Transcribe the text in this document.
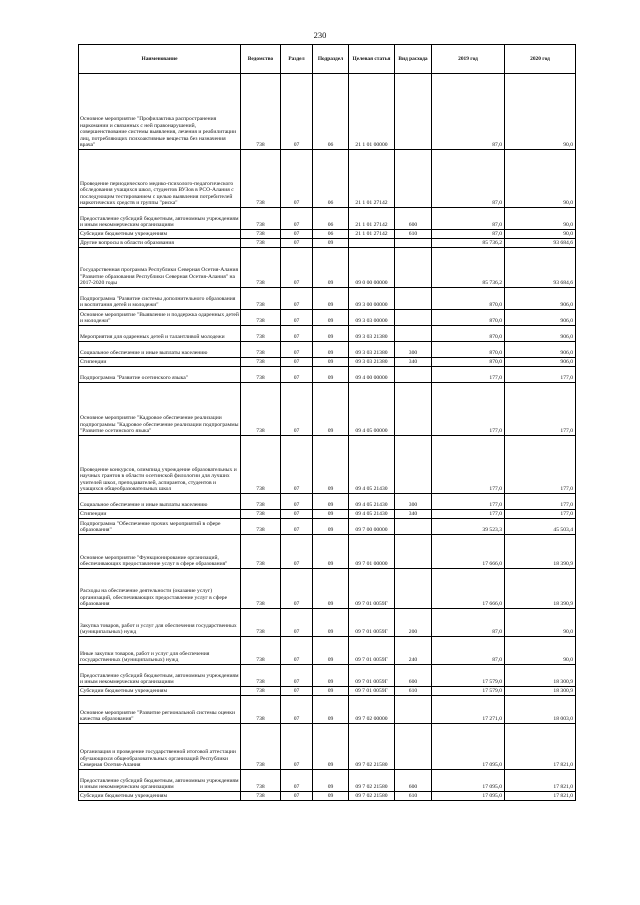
230
Наименование	Ведомство	Раздел	Подраздел	Целевая статья	Вид расхода	2019 год	2020 год
Основное мероприятие "Профилактика распространения наркомании и связанных с ней правонарушений, совершенствование системы выявления, лечения и реабилитации лиц, потребляющих психоактивные вещества без назначения врача"	738	07	06	21 1 01 00000		87,0	90,0
Проведение периодического медико-психолого-педагогического обследования учащихся школ, студентов ВУЗов в РСО-Алания с последующим тестированием с целью выявления потребителей наркотических средств и группы "риска"	738	07	06	21 1 01 27142		87,0	90,0
Предоставление субсидий бюджетным, автономным учреждениям и иным некоммерческим организациям	738	07	06	21 1 01 27142	600	87,0	90,0
Субсидии бюджетным учреждениям	738	07	06	21 1 01 27142	610	87,0	90,0
Другие вопросы в области образования	738	07	09			85 736,2	93 684,6
Государственная программа Республики Северная Осетия-Алания "Развитие образования Республики Северная Осетия-Алания" на 2017-2020 годы	738	07	09	09 0 00 00000		85 736,2	93 684,6
Подпрограмма "Развитие системы дополнительного образования и воспитания детей и молодежи"	738	07	09	09 3 00 00000		870,0	906,0
Основное мероприятие "Выявление и поддержка одаренных детей и молодежи"	738	07	09	09 3 03 00000		870,0	906,0
Мероприятия для одаренных детей и талантливой молодежи	738	07	09	09 3 03 21380		870,0	906,0
Социальное обеспечение и иные выплаты населению	738	07	09	09 3 03 21380	300	870,0	906,0
Стипендии	738	07	09	09 3 03 21380	340	870,0	906,0
Подпрограмма "Развитие осетинского языка"	738	07	09	09 4 00 00000		177,0	177,0
Основное мероприятие "Кадровое обеспечение реализации подпрограммы "Кадровое обеспечение реализации подпрограммы "Развитие осетинского языка"	738	07	09	09 4 05 00000		177,0	177,0
Проведение конкурсов, олимпиад учреждение образовательных и научных грантов в области осетинской филологии для лучших учителей школ, преподавателей, аспирантов, студентов и учащихся общеобразовательных школ	738	07	09	09 4 05 21430		177,0	177,0
Социальное обеспечение и иные выплаты населению	738	07	09	09 4 05 21430	300	177,0	177,0
Стипендии	738	07	09	09 4 05 21430	340	177,0	177,0
Подпрограмма "Обеспечение прочих мероприятий в сфере образования"	738	07	09	09 7 00 00000		39 523,3	45 503,4
Основное мероприятие "Функционирование организаций, обеспечивающих предоставление услуг в сфере образования"	738	07	09	09 7 01 00000		17 666,0	18 390,9
Расходы на обеспечение деятельности (оказание услуг) организаций, обеспечивающих предоставление услуг в сфере образования	738	07	09	09 7 01 0059Г		17 666,0	18 390,9
Закупка товаров, работ и услуг для обеспечения государственных (муниципальных) нужд	738	07	09	09 7 01 0059Г	200	87,0	90,0
Иные закупки товаров, работ и услуг для обеспечения государственных (муниципальных) нужд	738	07	09	09 7 01 0059Г	240	87,0	90,0
Предоставление субсидий бюджетным, автономным учреждениям и иным некоммерческим организациям	738	07	09	09 7 01 0059Г	600	17 579,0	18 300,9
Субсидии бюджетным учреждениям	738	07	09	09 7 01 0059Г	610	17 579,0	18 300,9
Основное мероприятие "Развитие региональной системы оценки качества образования"	738	07	09	09 7 02 00000		17 271,0	18 003,0
Организация и проведение государственной итоговой аттестации обучающихся общеобразовательных организаций Республики Северная Осетия-Алания	738	07	09	09 7 02 21580		17 095,0	17 821,0
Предоставление субсидий бюджетным, автономным учреждениям и иным некоммерческим организациям	738	07	09	09 7 02 21580	600	17 095,0	17 821,0
Субсидии бюджетным учреждениям	738	07	09	09 7 02 21580	610	17 095,0	17 821,0
